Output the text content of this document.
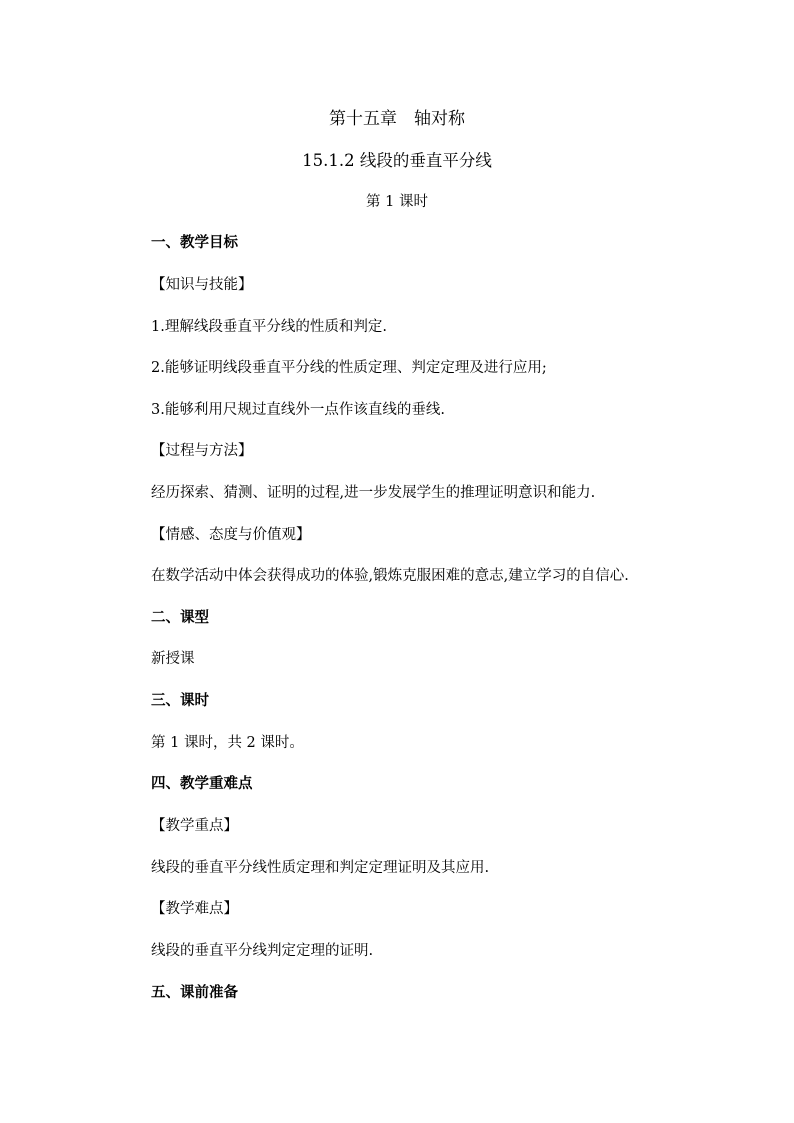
第十五章　轴对称
15.1.2 线段的垂直平分线
第 1 课时
一、教学目标
【知识与技能】
1.理解线段垂直平分线的性质和判定.
2.能够证明线段垂直平分线的性质定理、判定定理及进行应用;
3.能够利用尺规过直线外一点作该直线的垂线.
【过程与方法】
经历探索、猜测、证明的过程,进一步发展学生的推理证明意识和能力.
【情感、态度与价值观】
在数学活动中体会获得成功的体验,锻炼克服困难的意志,建立学习的自信心.
二、课型
新授课
三、课时
第 1 课时，共 2 课时。
四、教学重难点
【教学重点】
线段的垂直平分线性质定理和判定定理证明及其应用.
【教学难点】
线段的垂直平分线判定定理的证明.
五、课前准备
